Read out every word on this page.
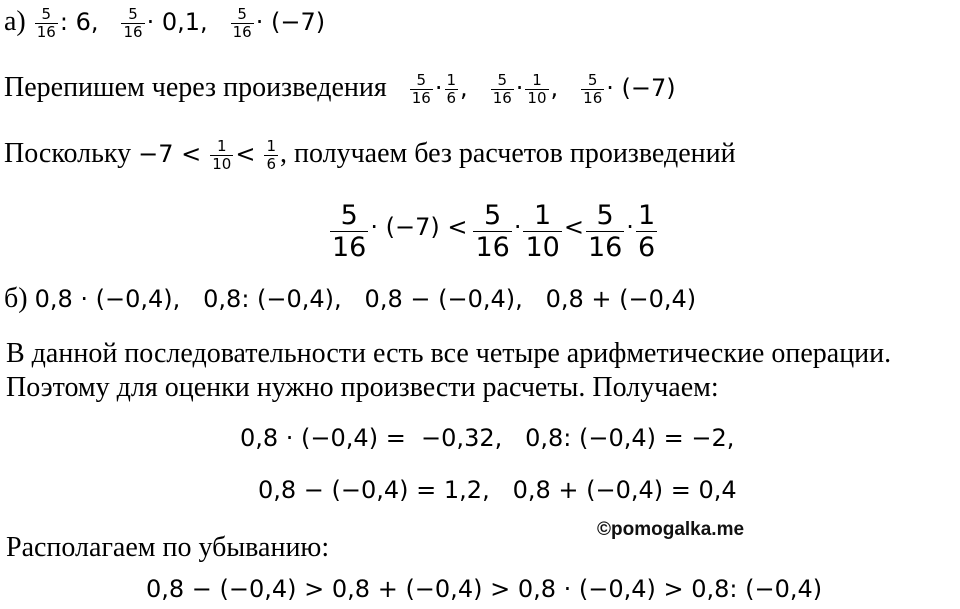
$а) \frac{5}{16}$ : 6, $\frac{5}{16} \cdot 0,1$, $\frac{5}{16} \cdot (-7)$
Перепишем через произведения $\frac{5}{16} \cdot \frac{1}{6}$ , $\frac{5}{16} \cdot \frac{1}{10}$ , $\frac{5}{16} \cdot (-7)$
Поскольку $-7 < \frac{1}{10} < \frac{1}{6}$ , получаем без расчетов произведений
$\frac{5}{16} \cdot (-7) < \frac{5}{16} \cdot \frac{1}{10} < \frac{5}{16} \cdot \frac{1}{6}$
б) 0,8 · (−0,4),   0,8: (−0,4),   0,8 − (−0,4),   0,8 + (−0,4)
В данной последовательности есть все четыре арифметические операции.
Поэтому для оценки нужно произвести расчеты. Получаем:
0,8 · (−0,4) =  −0,32,   0,8: (−0,4) = −2,
0,8 − (−0,4) = 1,2,   0,8 + (−0,4) = 0,4
©pomogalka.me
Располагаем по убыванию:
0,8 − (−0,4) > 0,8 + (−0,4) > 0,8 · (−0,4) > 0,8: (−0,4)
